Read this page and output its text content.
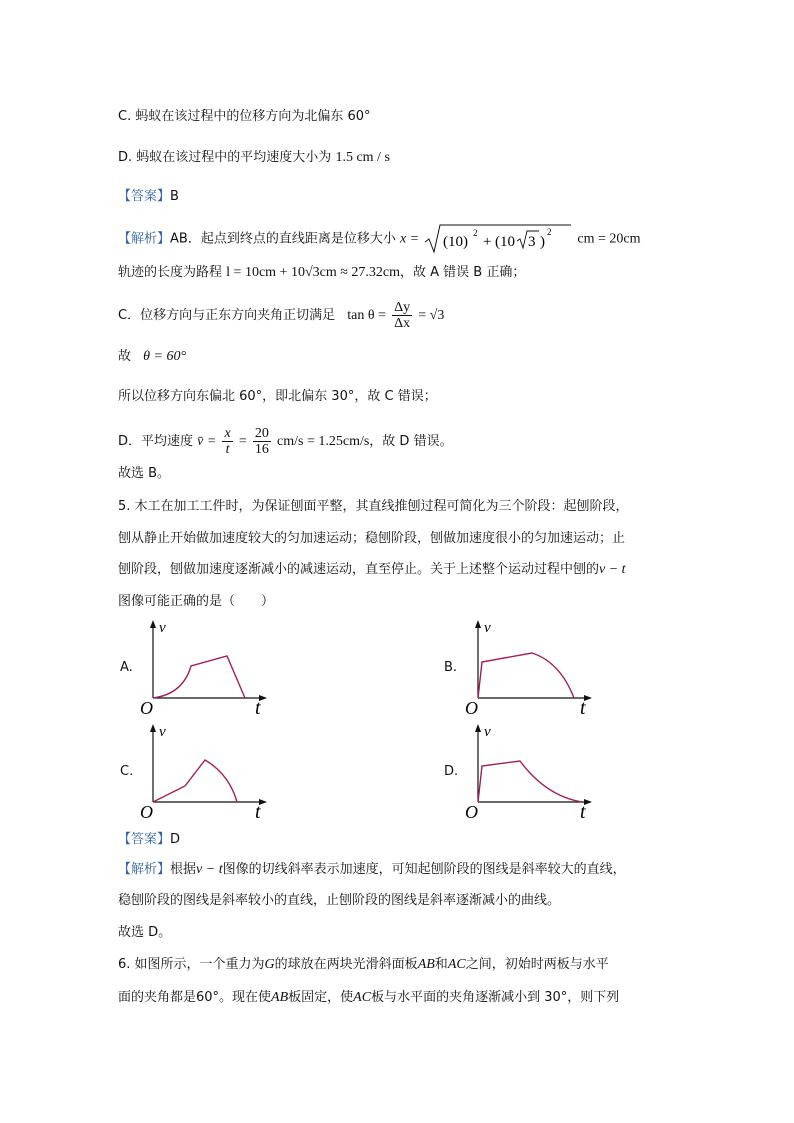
C. 蚂蚁在该过程中的位移方向为北偏东 60°
D. 蚂蚁在该过程中的平均速度大小为 1.5 cm / s
【答案】B
【解析】AB．起点到终点的直线距离是位移大小 x = (10)
2
+ (10 3 )
2 cm = 20cm
轨迹的长度为路程 l = 10cm + 10√3cm ≈ 27.32cm，故 A 错误 B 正确；
C．位移方向与正东方向夹角正切满足 $\tan \theta = \frac{\Delta y}{\Delta x} = √3$
故 θ = 60°
所以位移方向东偏北 60°，即北偏东 30°，故 C 错误；
D．平均速度 v̄ = $\frac{x}{t} = \frac{20}{16} cm/s = 1.25cm/s$，故 D 错误。
故选 B。
5. 木工在加工工件时，为保证刨面平整，其直线推刨过程可简化为三个阶段：起刨阶段，
刨从静止开始做加速度较大的匀加速运动；稳刨阶段，刨做加速度很小的匀加速运动；止
刨阶段，刨做加速度逐渐减小的减速运动，直至停止。关于上述整个运动过程中刨的v − t
图像可能正确的是（　　）
A.
v
t
O
B.
v
t
O
C.
v
t
O
D.
v
t
O
【答案】D
【解析】根据v − t图像的切线斜率表示加速度，可知起刨阶段的图线是斜率较大的直线，
稳刨阶段的图线是斜率较小的直线，止刨阶段的图线是斜率逐渐减小的曲线。
故选 D。
6. 如图所示，一个重力为G的球放在两块光滑斜面板AB和AC之间，初始时两板与水平
面的夹角都是60°。现在使AB板固定，使AC板与水平面的夹角逐渐减小到 30°，则下列
